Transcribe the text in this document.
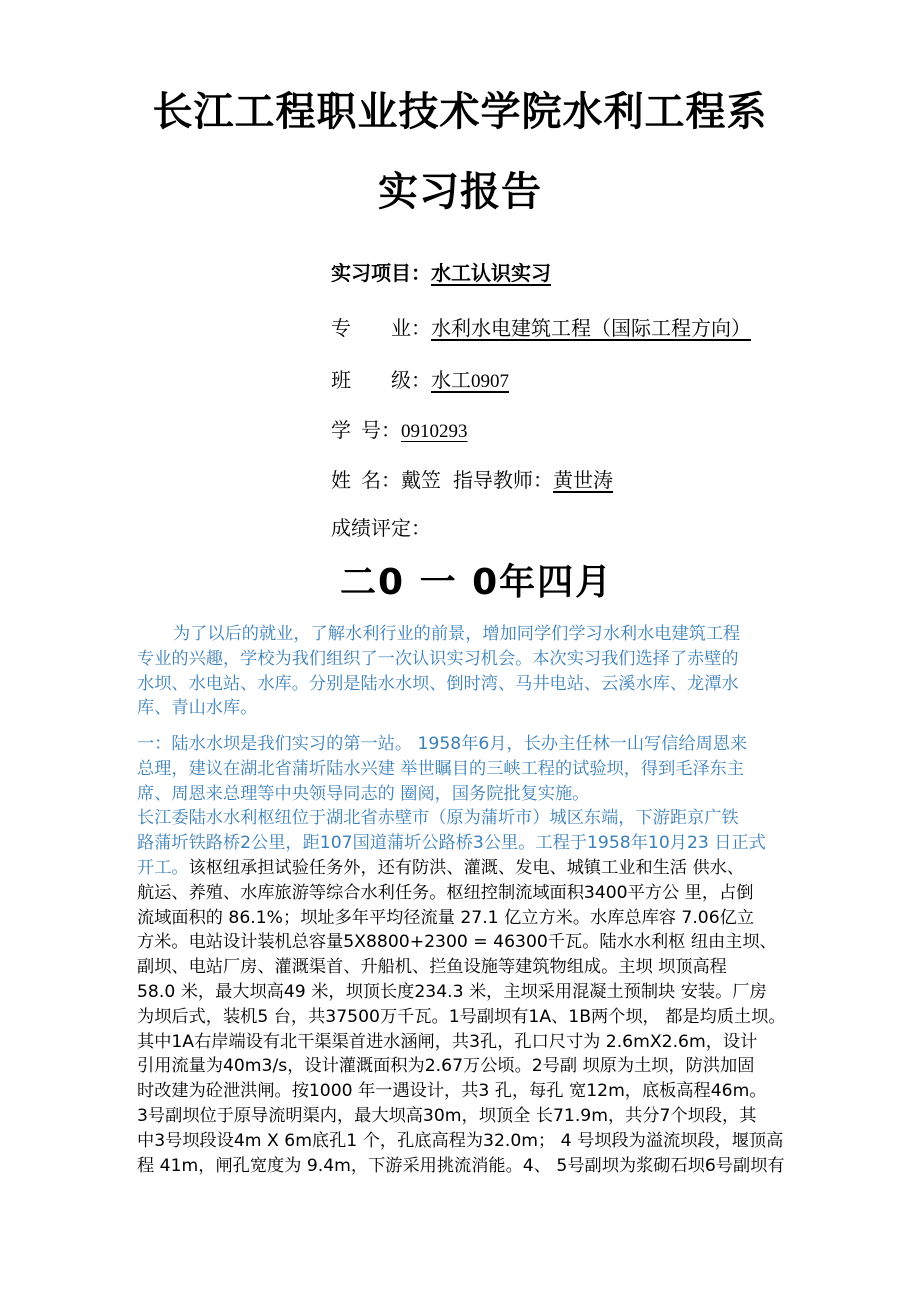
长江工程职业技术学院水利工程系
实习报告
实习项目：水工认识实习
专 业：水利水电建筑工程（国际工程方向）
班 级：水工0907
学 号：0910293
姓 名：戴笠 指导教师：黄世涛
成绩评定：
二0 一 0年四月
为了以后的就业，了解水利行业的前景，增加同学们学习水利水电建筑工程
专业的兴趣，学校为我们组织了一次认识实习机会。本次实习我们选择了赤壁的
水坝、水电站、水库。分别是陆水水坝、倒时湾、马井电站、云溪水库、龙潭水
库、青山水库。
一：陆水水坝是我们实习的第一站。 1958年6月，长办主任林一山写信给周恩来
总理，建议在湖北省蒲圻陆水兴建 举世瞩目的三峡工程的试验坝，得到毛泽东主
席、周恩来总理等中央领导同志的 圈阅，国务院批复实施。
长江委陆水水利枢纽位于湖北省赤壁市（原为蒲圻市）城区东端，下游距京广铁
路蒲圻铁路桥2公里，距107国道蒲圻公路桥3公里。工程于1958年10月23 日正式
开工。该枢纽承担试验任务外，还有防洪、灌溉、发电、城镇工业和生活 供水、
航运、养殖、水库旅游等综合水利任务。枢纽控制流域面积3400平方公 里，占倒
流域面积的 86.1%；坝址多年平均径流量 27.1 亿立方米。水库总库容 7.06亿立
方米。电站设计装机总容量5X8800+2300 = 46300千瓦。陆水水利枢 纽由主坝、
副坝、电站厂房、灌溉渠首、升船机、拦鱼设施等建筑物组成。主坝 坝顶高程
58.0 米，最大坝高49 米，坝顶长度234.3 米，主坝采用混凝土预制块 安装。厂房
为坝后式，装机5 台，共37500万千瓦。1号副坝有1A、1B两个坝， 都是均质土坝。
其中1A右岸端设有北干渠渠首进水涵闸，共3孔，孔口尺寸为 2.6mX2.6m，设计
引用流量为40m3/s，设计灌溉面积为2.67万公顷。2号副 坝原为土坝，防洪加固
时改建为砼泄洪闸。按1000 年一遇设计，共3 孔，每孔 宽12m，底板高程46m。
3号副坝位于原导流明渠内，最大坝高30m，坝顶全 长71.9m，共分7个坝段，其
中3号坝段设4m X 6m底孔1 个，孔底高程为32.0m； 4 号坝段为溢流坝段，堰顶高
程 41m，闸孔宽度为 9.4m，下游采用挑流消能。4、 5号副坝为浆砌石坝6号副坝有
